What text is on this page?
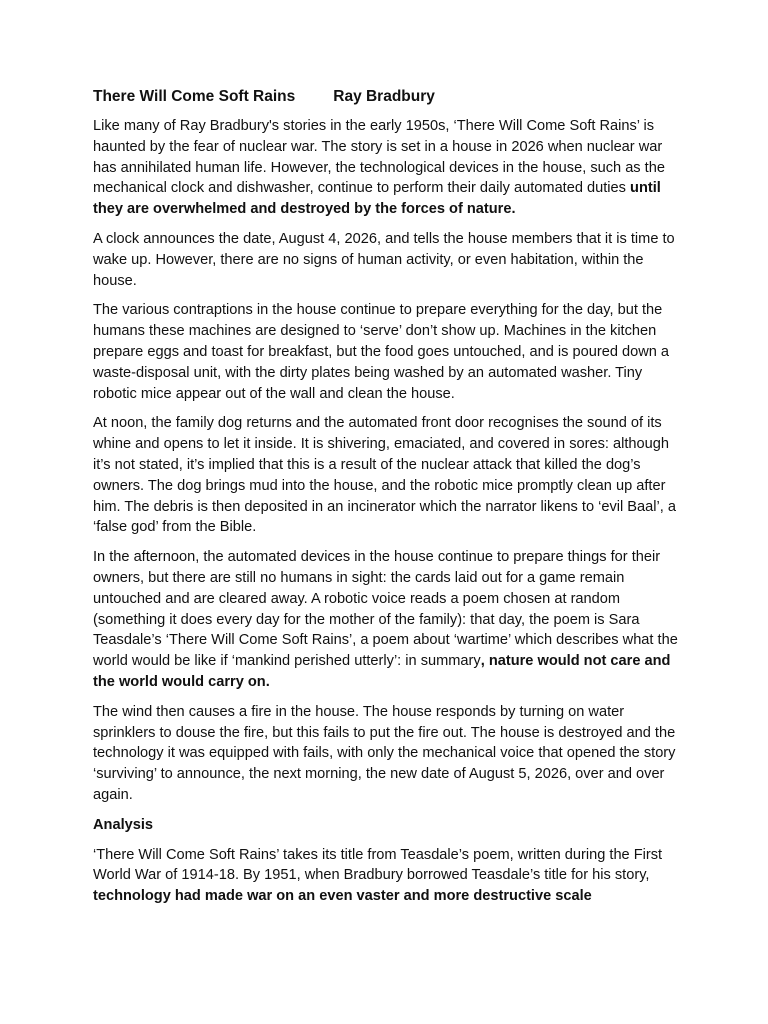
There Will Come Soft Rains Ray Bradbury

Like many of Ray Bradbury's stories in the early 1950s, ‘There Will Come Soft Rains’ is haunted by the fear of nuclear war. The story is set in a house in 2026 when nuclear war has annihilated human life. However, the technological devices in the house, such as the mechanical clock and dishwasher, continue to perform their daily automated duties until they are overwhelmed and destroyed by the forces of nature.

A clock announces the date, August 4, 2026, and tells the house members that it is time to wake up. However, there are no signs of human activity, or even habitation, within the house.

The various contraptions in the house continue to prepare everything for the day, but the humans these machines are designed to ‘serve’ don’t show up. Machines in the kitchen prepare eggs and toast for breakfast, but the food goes untouched, and is poured down a waste-disposal unit, with the dirty plates being washed by an automated washer. Tiny robotic mice appear out of the wall and clean the house.

At noon, the family dog returns and the automated front door recognises the sound of its whine and opens to let it inside. It is shivering, emaciated, and covered in sores: although it’s not stated, it’s implied that this is a result of the nuclear attack that killed the dog’s owners. The dog brings mud into the house, and the robotic mice promptly clean up after him. The debris is then deposited in an incinerator which the narrator likens to ‘evil Baal’, a ‘false god’ from the Bible.

In the afternoon, the automated devices in the house continue to prepare things for their owners, but there are still no humans in sight: the cards laid out for a game remain untouched and are cleared away. A robotic voice reads a poem chosen at random (something it does every day for the mother of the family): that day, the poem is Sara Teasdale’s ‘There Will Come Soft Rains’, a poem about ‘wartime’ which describes what the world would be like if ‘mankind perished utterly’: in summary, nature would not care and the world would carry on.

The wind then causes a fire in the house. The house responds by turning on water sprinklers to douse the fire, but this fails to put the fire out. The house is destroyed and the technology it was equipped with fails, with only the mechanical voice that opened the story ‘surviving’ to announce, the next morning, the new date of August 5, 2026, over and over again.

Analysis

‘There Will Come Soft Rains’ takes its title from Teasdale’s poem, written during the First World War of 1914-18. By 1951, when Bradbury borrowed Teasdale’s title for his story, technology had made war on an even vaster and more destructive scale
